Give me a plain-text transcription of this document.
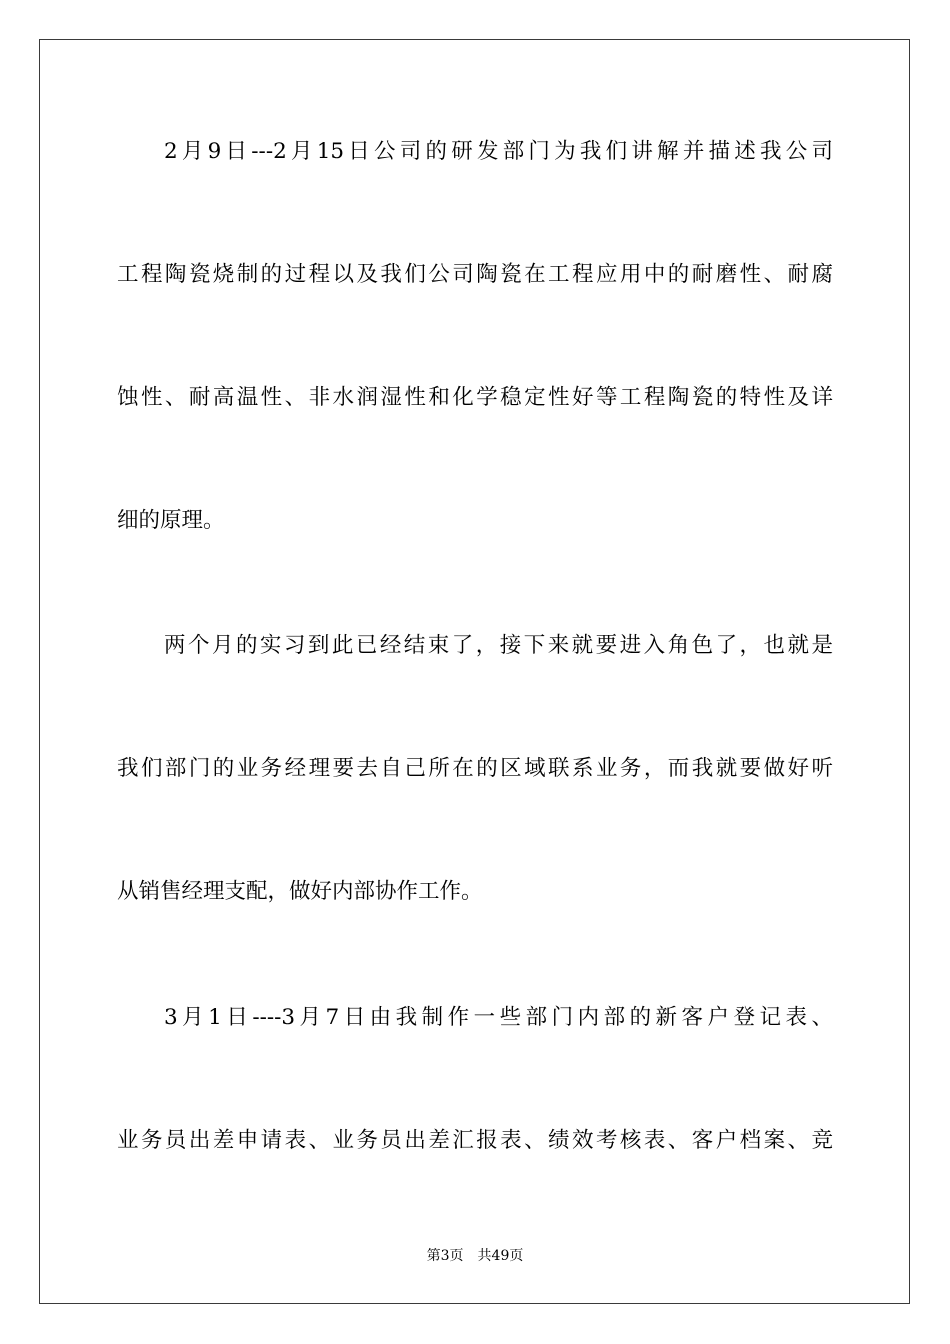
2月9日---2月15日公司的研发部门为我们讲解并描述我公司
工程陶瓷烧制的过程以及我们公司陶瓷在工程应用中的耐磨性、耐腐
蚀性、耐高温性、非水润湿性和化学稳定性好等工程陶瓷的特性及详
细的原理。
两个月的实习到此已经结束了，接下来就要进入角色了，也就是
我们部门的业务经理要去自己所在的区域联系业务，而我就要做好听
从销售经理支配，做好内部协作工作。
3月1日----3月7日由我制作一些部门内部的新客户登记表、
业务员出差申请表、业务员出差汇报表、绩效考核表、客户档案、竞
第3页 共49页
